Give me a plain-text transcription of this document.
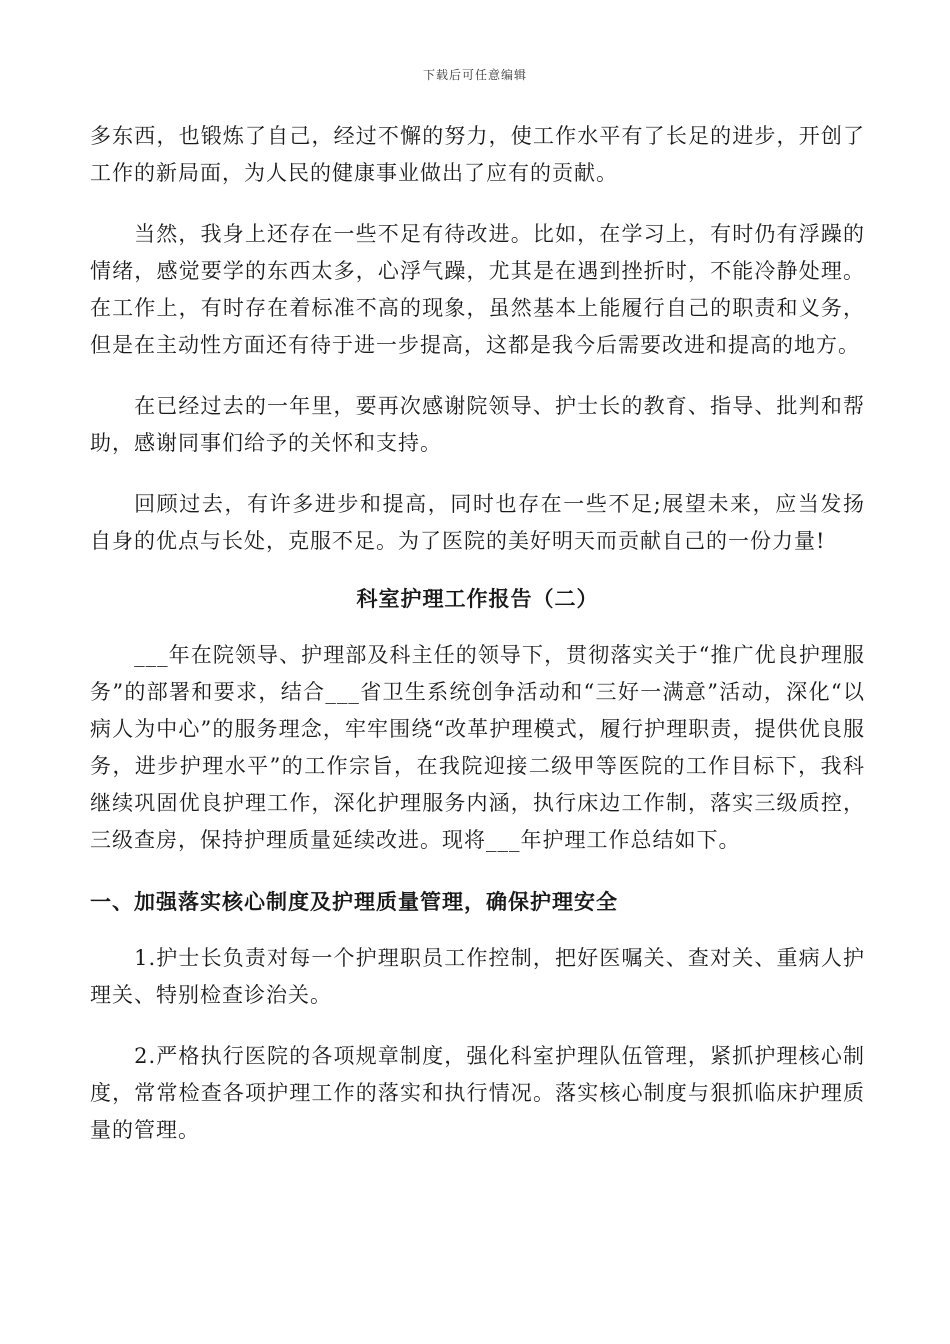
下载后可任意编辑

多东西，也锻炼了自己，经过不懈的努力，使工作水平有了长足的进步，开创了工作的新局面，为人民的健康事业做出了应有的贡献。

当然，我身上还存在一些不足有待改进。比如，在学习上，有时仍有浮躁的情绪，感觉要学的东西太多，心浮气躁，尤其是在遇到挫折时，不能冷静处理。在工作上，有时存在着标准不高的现象，虽然基本上能履行自己的职责和义务，但是在主动性方面还有待于进一步提高，这都是我今后需要改进和提高的地方。

在已经过去的一年里，要再次感谢院领导、护士长的教育、指导、批判和帮助，感谢同事们给予的关怀和支持。

回顾过去，有许多进步和提高，同时也存在一些不足;展望未来，应当发扬自身的优点与长处，克服不足。为了医院的美好明天而贡献自己的一份力量!

科室护理工作报告（二）

___年在院领导、护理部及科主任的领导下，贯彻落实关于“推广优良护理服务”的部署和要求，结合___省卫生系统创争活动和“三好一满意”活动，深化“以病人为中心”的服务理念，牢牢围绕“改革护理模式，履行护理职责，提供优良服务，进步护理水平”的工作宗旨，在我院迎接二级甲等医院的工作目标下，我科继续巩固优良护理工作，深化护理服务内涵，执行床边工作制，落实三级质控，三级查房，保持护理质量延续改进。现将___年护理工作总结如下。

一、加强落实核心制度及护理质量管理，确保护理安全

1.护士长负责对每一个护理职员工作控制，把好医嘱关、查对关、重病人护理关、特别检查诊治关。

2.严格执行医院的各项规章制度，强化科室护理队伍管理，紧抓护理核心制度，常常检查各项护理工作的落实和执行情况。落实核心制度与狠抓临床护理质量的管理。
